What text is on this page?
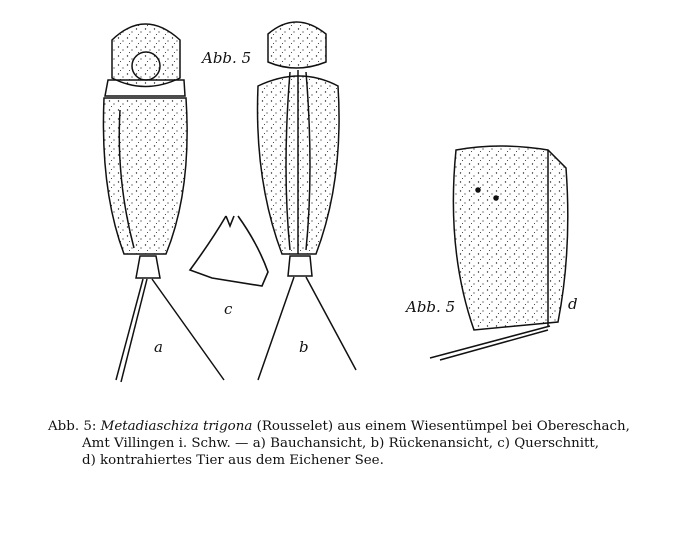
Abb. 5
Abb. 5
a	b
c	d
Abb. 5: Metadiaschiza trigona (Rousselet) aus einem Wiesentümpel bei Obereschach,
Amt Villingen i. Schw. — a) Bauchansicht, b) Rückenansicht, c) Querschnitt,
d) kontrahiertes Tier aus dem Eichener See.
